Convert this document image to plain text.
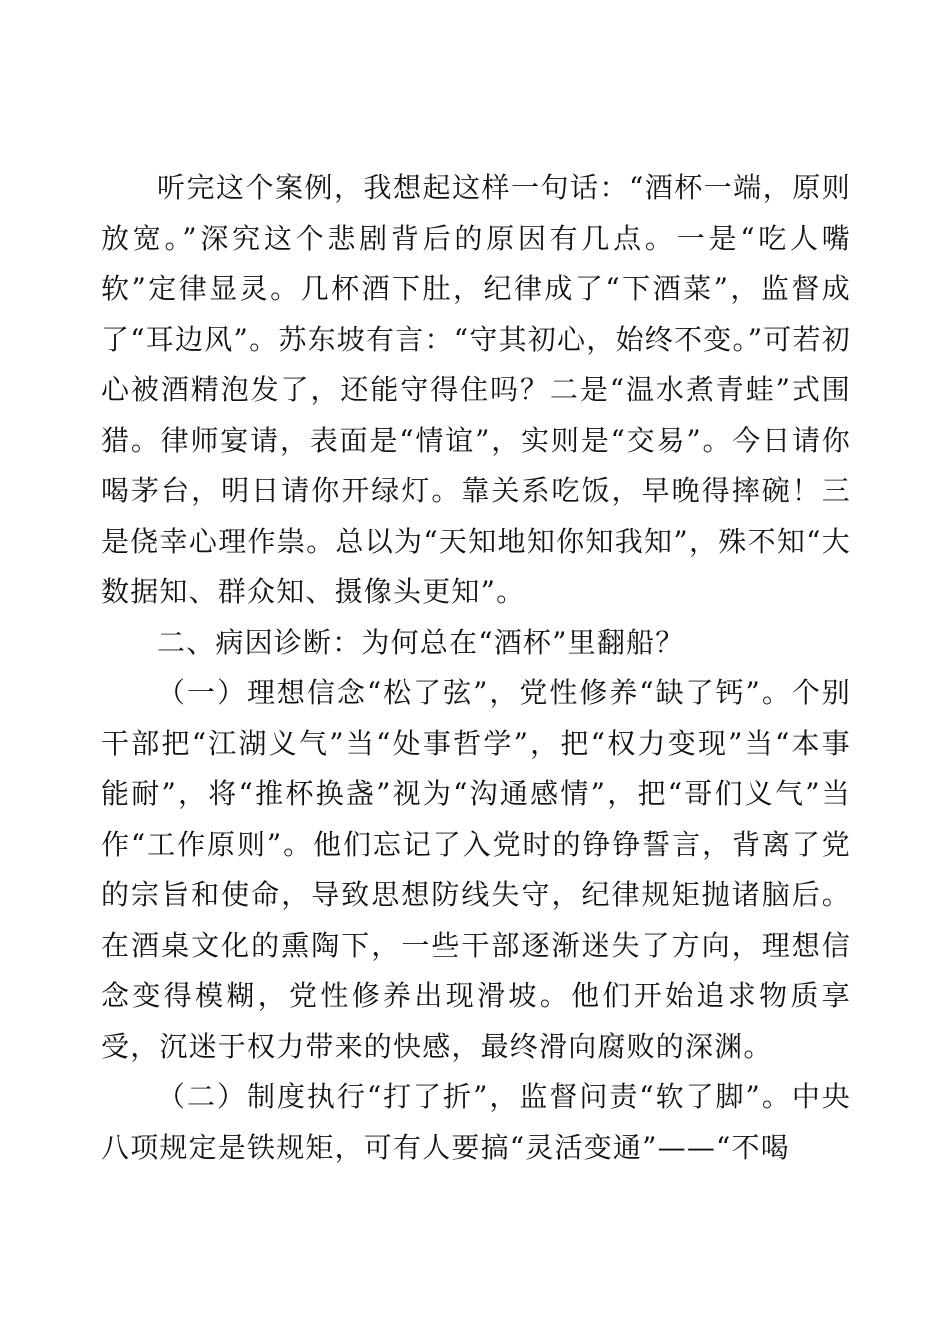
听完这个案例，我想起这样一句话：“酒杯一端，原则放宽。”深究这个悲剧背后的原因有几点。一是“吃人嘴软”定律显灵。几杯酒下肚，纪律成了“下酒菜”，监督成了“耳边风”。苏东坡有言：“守其初心，始终不变。”可若初心被酒精泡发了，还能守得住吗？二是“温水煮青蛙”式围猎。律师宴请，表面是“情谊”，实则是“交易”。今日请你喝茅台，明日请你开绿灯。靠关系吃饭，早晚得摔碗！三是侥幸心理作祟。总以为“天知地知你知我知”，殊不知“大数据知、群众知、摄像头更知”。

二、病因诊断：为何总在“酒杯”里翻船？

（一）理想信念“松了弦”，党性修养“缺了钙”。个别干部把“江湖义气”当“处事哲学”，把“权力变现”当“本事能耐”，将“推杯换盏”视为“沟通感情”，把“哥们义气”当作“工作原则”。他们忘记了入党时的铮铮誓言，背离了党的宗旨和使命，导致思想防线失守，纪律规矩抛诸脑后。在酒桌文化的熏陶下，一些干部逐渐迷失了方向，理想信念变得模糊，党性修养出现滑坡。他们开始追求物质享受，沉迷于权力带来的快感，最终滑向腐败的深渊。

（二）制度执行“打了折”，监督问责“软了脚”。中央八项规定是铁规矩，可有人要搞“灵活变通”——“不喝
